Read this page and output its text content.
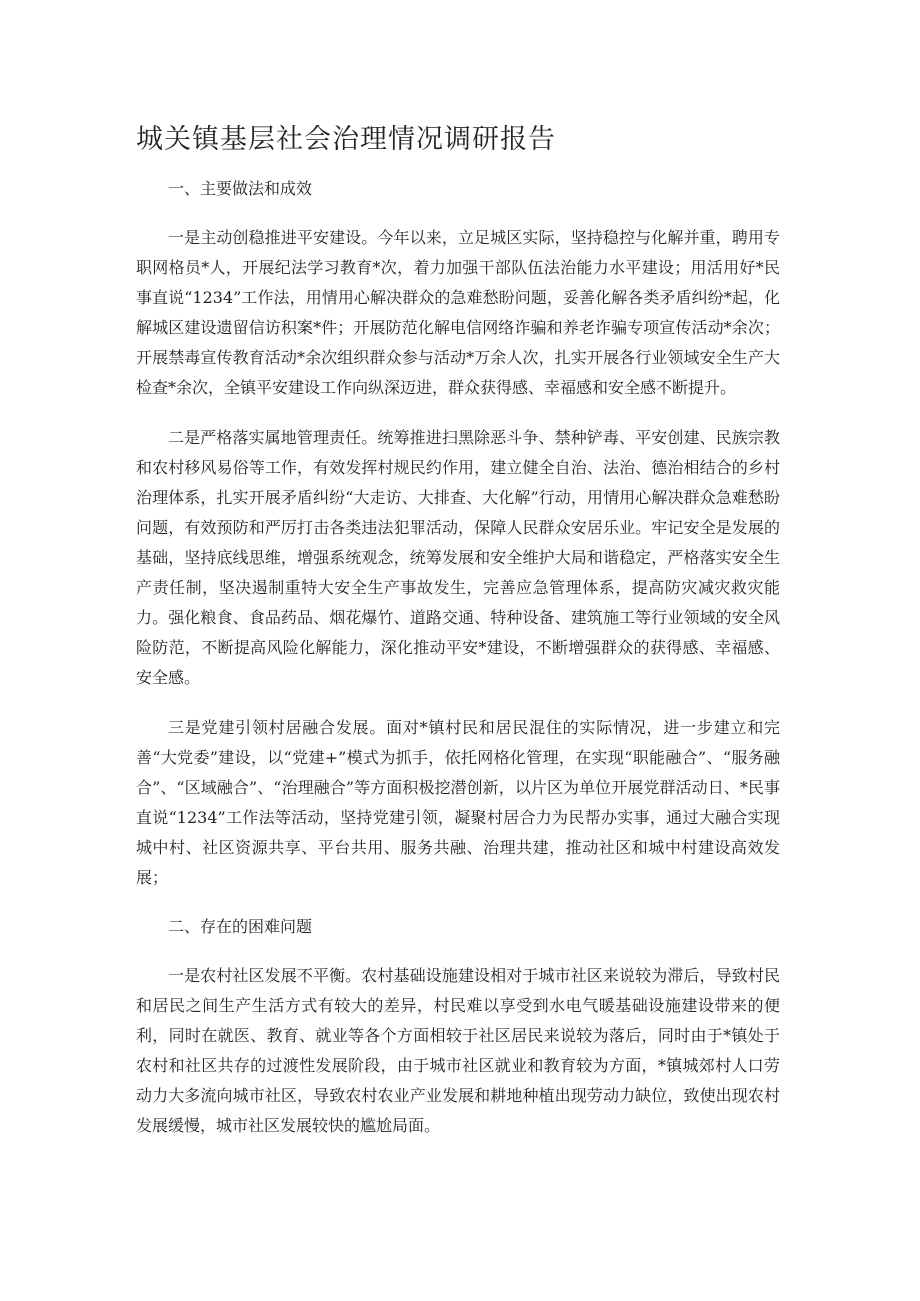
城关镇基层社会治理情况调研报告

一、主要做法和成效

一是主动创稳推进平安建设。今年以来，立足城区实际，坚持稳控与化解并重，聘用专职网格员*人，开展纪法学习教育*次，着力加强干部队伍法治能力水平建设；用活用好*民事直说“1234”工作法，用情用心解决群众的急难愁盼问题，妥善化解各类矛盾纠纷*起，化解城区建设遗留信访积案*件；开展防范化解电信网络诈骗和养老诈骗专项宣传活动*余次；开展禁毒宣传教育活动*余次组织群众参与活动*万余人次，扎实开展各行业领域安全生产大检查*余次，全镇平安建设工作向纵深迈进，群众获得感、幸福感和安全感不断提升。

二是严格落实属地管理责任。统筹推进扫黑除恶斗争、禁种铲毒、平安创建、民族宗教和农村移风易俗等工作，有效发挥村规民约作用，建立健全自治、法治、德治相结合的乡村治理体系，扎实开展矛盾纠纷“大走访、大排查、大化解”行动，用情用心解决群众急难愁盼问题，有效预防和严厉打击各类违法犯罪活动，保障人民群众安居乐业。牢记安全是发展的基础，坚持底线思维，增强系统观念，统筹发展和安全维护大局和谐稳定，严格落实安全生产责任制，坚决遏制重特大安全生产事故发生，完善应急管理体系，提高防灾减灾救灾能力。强化粮食、食品药品、烟花爆竹、道路交通、特种设备、建筑施工等行业领域的安全风险防范，不断提高风险化解能力，深化推动平安*建设，不断增强群众的获得感、幸福感、安全感。

三是党建引领村居融合发展。面对*镇村民和居民混住的实际情况，进一步建立和完善“大党委”建设，以“党建+”模式为抓手，依托网格化管理，在实现“职能融合”、“服务融合”、“区域融合”、“治理融合”等方面积极挖潜创新，以片区为单位开展党群活动日、*民事直说“1234”工作法等活动，坚持党建引领，凝聚村居合力为民帮办实事，通过大融合实现城中村、社区资源共享、平台共用、服务共融、治理共建，推动社区和城中村建设高效发展；

二、存在的困难问题

一是农村社区发展不平衡。农村基础设施建设相对于城市社区来说较为滞后，导致村民和居民之间生产生活方式有较大的差异，村民难以享受到水电气暖基础设施建设带来的便利，同时在就医、教育、就业等各个方面相较于社区居民来说较为落后，同时由于*镇处于农村和社区共存的过渡性发展阶段，由于城市社区就业和教育较为方面，*镇城郊村人口劳动力大多流向城市社区，导致农村农业产业发展和耕地种植出现劳动力缺位，致使出现农村发展缓慢，城市社区发展较快的尴尬局面。
